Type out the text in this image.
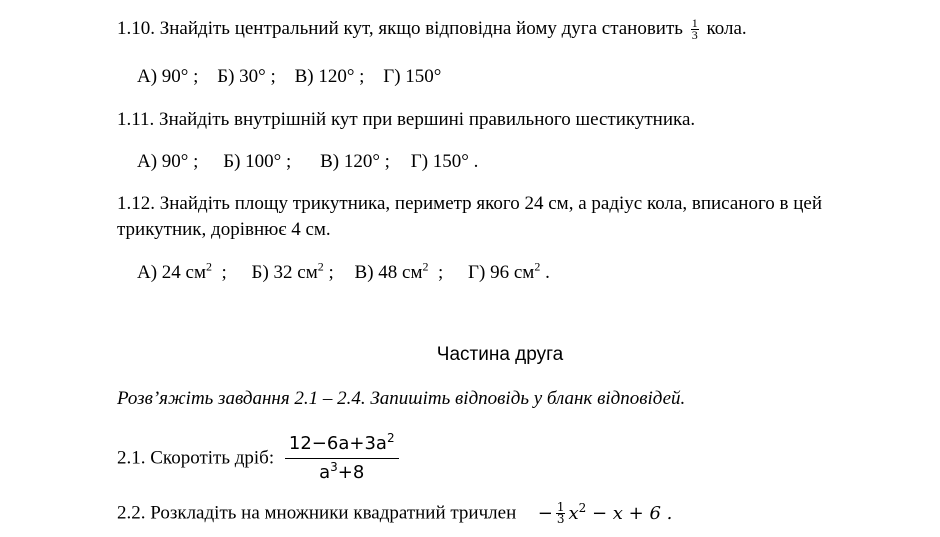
1.10. Знайдіть центральний кут, якщо відповідна йому дуга становить $\frac{1}{3}$ кола.
А) 90° ; Б) 30° ; В) 120° ; Г) 150°
1.11. Знайдіть внутрішній кут при вершині правильного шестикутника.
А) 90° ; Б) 100° ; В) 120° ; Г) 150° .
1.12. Знайдіть площу трикутника, периметр якого 24 см, а радіус кола, вписаного в цей
трикутник, дорівнює 4 см.
А) 24 $см^2$  ; Б) 32 $см^2$ ; В) 48 $см^2$  ; Г) 96 $см^2$ .
Частина друга
Розв’яжіть завдання 2.1 – 2.4. Запишіть відповідь у бланк відповідей.
2.1. Скоротіть дріб: $\frac{12-6a+3a^2}{a^3+8}$
2.2. Розкладіть на множники квадратний тричлен − $\frac{1}{3} x^2 - x + 6$ .
